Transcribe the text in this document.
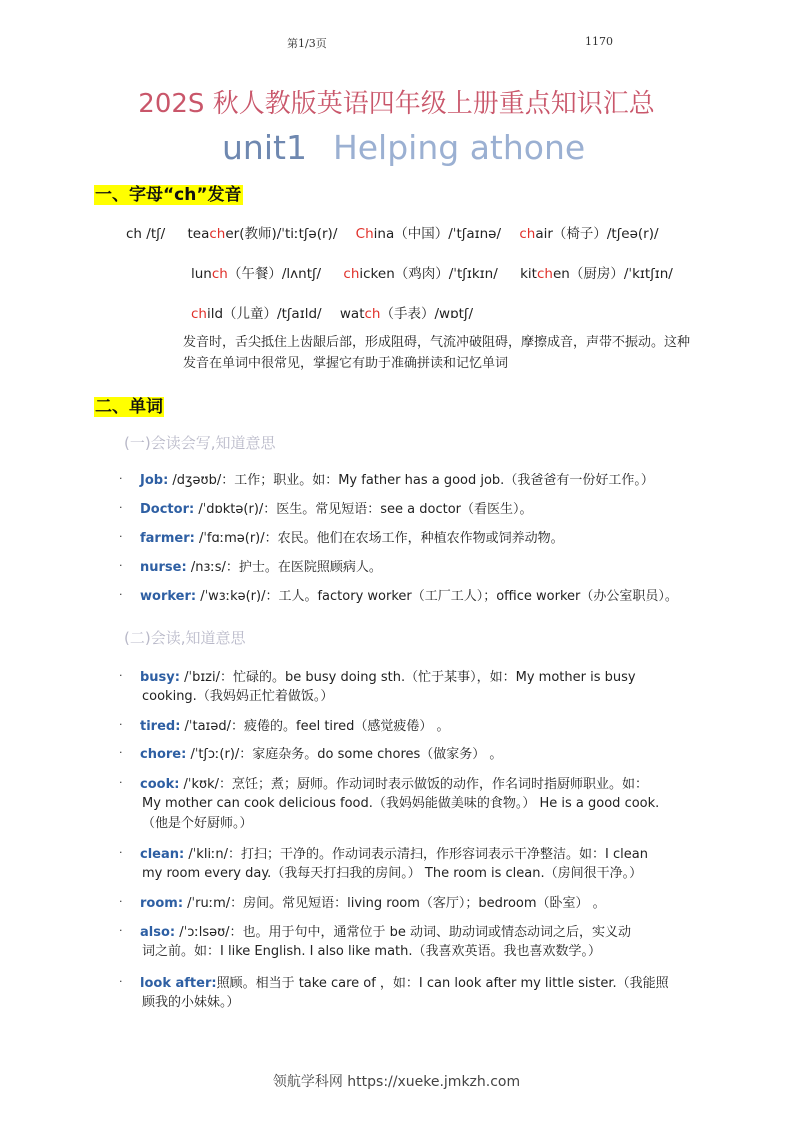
第1/3页	1170
202S 秋人教版英语四年级上册重点知识汇总
unit1 Helping athone
一、字母“ch”发音
ch /tʃ/ teacher(教师)/ˈtiːtʃə(r)/ China（中国）/ˈtʃaɪnə/ chair（椅子）/tʃeə(r)/
lunch（午餐）/lʌntʃ/ chicken（鸡肉）/ˈtʃɪkɪn/ kitchen（厨房）/ˈkɪtʃɪn/
child（儿童）/tʃaɪld/ watch（手表）/wɒtʃ/
发音时，舌尖抵住上齿龈后部，形成阻碍，气流冲破阻碍，摩擦成音，声带不振动。这种发音在单词中很常见，掌握它有助于准确拼读和记忆单词
二、单词
(一)会读会写,知道意思
. Job: /dʒəʊb/：工作；职业。如：My father has a good job.（我爸爸有一份好工作。）
. Doctor: /ˈdɒktə(r)/：医生。常见短语：see a doctor（看医生）。
. farmer: /ˈfɑːmə(r)/：农民。他们在农场工作，种植农作物或饲养动物。
. nurse: /nɜːs/：护士。在医院照顾病人。
. worker: /ˈwɜːkə(r)/：工人。factory worker（工厂工人）；office worker（办公室职员）。
(二)会读,知道意思
. busy: /ˈbɪzi/：忙碌的。be busy doing sth.（忙于某事），如：My mother is busy
cooking.（我妈妈正忙着做饭。）
. tired: /ˈtaɪəd/：疲倦的。feel tired（感觉疲倦） 。
. chore: /ˈtʃɔː(r)/：家庭杂务。do some chores（做家务） 。
. cook: /ˈkʊk/：烹饪；煮；厨师。作动词时表示做饭的动作，作名词时指厨师职业。如：
My mother can cook delicious food.（我妈妈能做美味的食物。） He is a good cook.
（他是个好厨师。）
. clean: /ˈkliːn/：打扫；干净的。作动词表示清扫，作形容词表示干净整洁。如：I clean
my room every day.（我每天打扫我的房间。） The room is clean.（房间很干净。）
. room: /ˈruːm/：房间。常见短语：living room（客厅）；bedroom（卧室） 。
. also: /ˈɔːlsəʊ/：也。用于句中，通常位于 be 动词、助动词或情态动词之后，实义动
词之前。如：I like English. I also like math.（我喜欢英语。我也喜欢数学。）
. look after:照顾。相当于 take care of ，如：I can look after my little sister.（我能照
顾我的小妹妹。）
领航学科网 https://xueke.jmkzh.com
